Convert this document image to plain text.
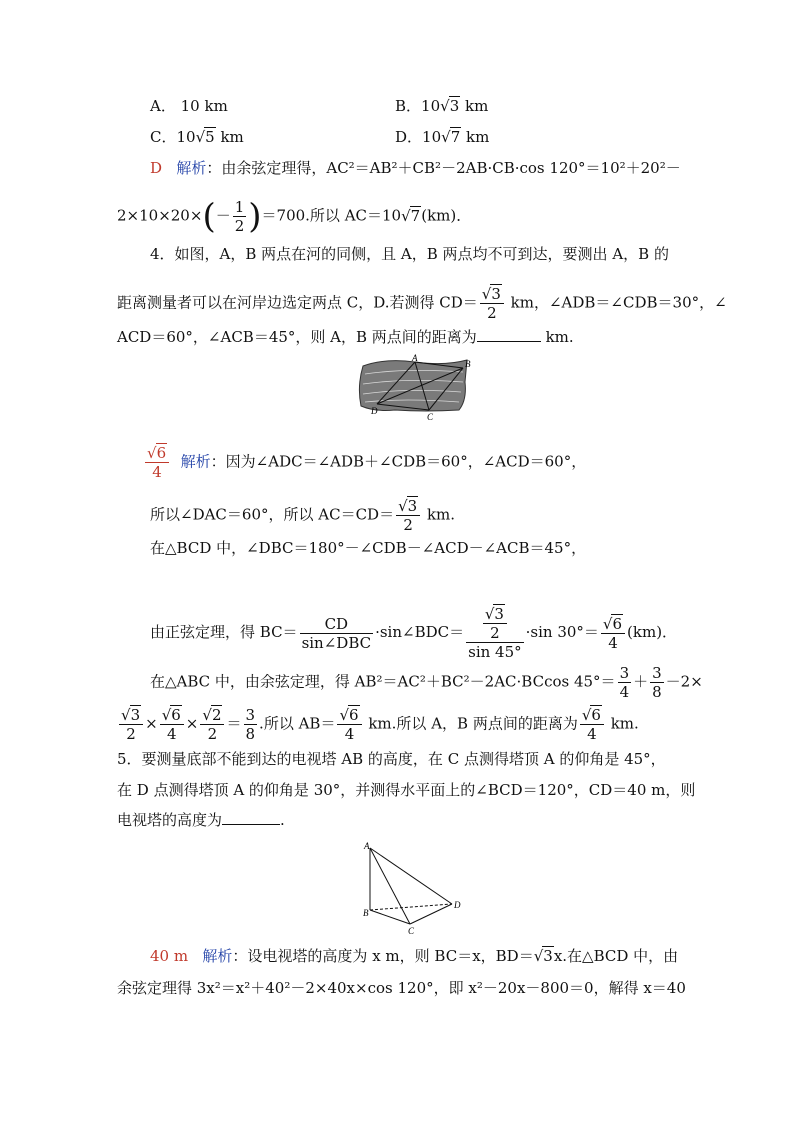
A． 10 km	B．10√3 km
C．10√5 km	D．10√7 km
D 解析：由余弦定理得，AC²＝AB²＋CB²－2AB·CB·cos 120°＝10²＋20²－
$2\times 10\times 20\times(- \frac{1}{2} )=700$.所以 AC＝10√7(km)．
4．如图，A，B 两点在河的同侧，且 A，B 两点均不可到达，要测出 A，B 的
距离测量者可以在河岸边选定两点 C，D.若测得 $CD= \frac{√3}{2}$ km，∠ADB＝∠CDB＝30°，∠
ACD＝60°，∠ACB＝45°，则 A，B 两点间的距离为	km.
A
B
C
D
$\frac{√6}{4}$ 解析：因为∠ADC＝∠ADB＋∠CDB＝60°，∠ACD＝60°，
所以∠DAC＝60°，所以 $AC=CD= \frac{√3}{2}$ km.
在△BCD 中，∠DBC＝180°－∠CDB－∠ACD－∠ACB＝45°，
由正弦定理，得 $BC= \frac{CD}{\text{sin∠DBC}}$ ·sin∠BDC＝ $\frac{\frac{√3}{2}}{\sin 45^\circ} \cdot\sin$ $30^\circ= \frac{√6}{4} (km)$．
在△ABC 中，由余弦定理，得 AB²＝AC²＋BC²－2AC·BCcos $45^\circ= \frac{3}{4} + \frac{3}{8} -2\times$
$\frac{√3}{2} \times \frac{√6}{4} \times \frac{√2}{2} = \frac{3}{8}$ .所以 $AB= \frac{√6}{4}$ km.所以 A，B 两点间的距离为 $\frac{√6}{4}$ km.
5．要测量底部不能到达的电视塔 AB 的高度，在 C 点测得塔顶 A 的仰角是 45°，
在 D 点测得塔顶 A 的仰角是 30°，并测得水平面上的∠BCD＝120°，CD＝40 m，则
电视塔的高度为	.
A
B
C
D
40 m 解析：设电视塔的高度为 x m，则 BC＝x，BD＝√3x.在△BCD 中，由
余弦定理得 3x²＝x²＋40²－2×40x×cos 120°，即 x²－20x－800＝0，解得 x＝40
